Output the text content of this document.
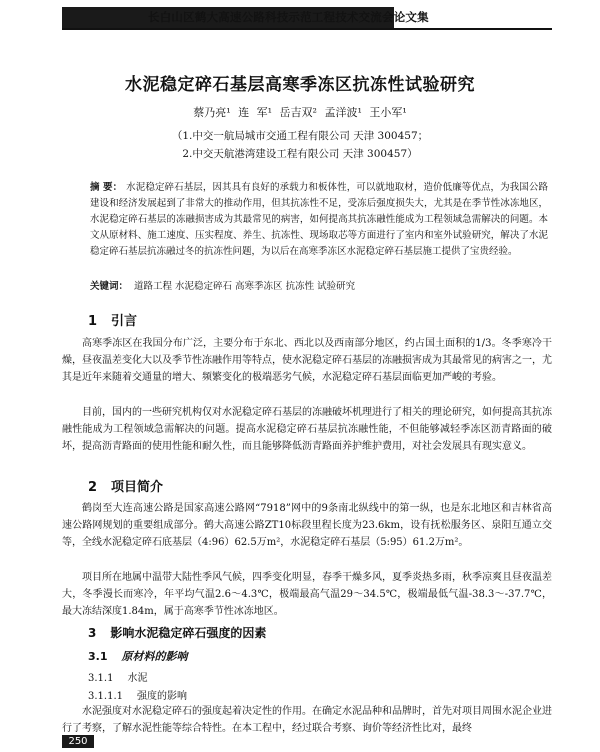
长白山区鹤大高速公路科技示范工程技术交流会论文集
水泥稳定碎石基层高寒季冻区抗冻性试验研究
蔡乃亮¹ 连 军¹ 岳吉双² 孟洋波¹ 王小军¹
（1.中交一航局城市交通工程有限公司 天津 300457；
2.中交天航港湾建设工程有限公司 天津 300457）
摘 要： 水泥稳定碎石基层，因其具有良好的承载力和板体性，可以就地取材，造价低廉等优点，为我国公路建设和经济发展起到了非常大的推动作用，但其抗冻性不足，受冻后强度损失大，尤其是在季节性冰冻地区，水泥稳定碎石基层的冻融损害成为其最常见的病害，如何提高其抗冻融性能成为工程领域急需解决的问题。本文从原材料、施工速度、压实程度、养生、抗冻性、现场取芯等方面进行了室内和室外试验研究，解决了水泥稳定碎石基层抗冻融过冬的抗冻性问题，为以后在高寒季冻区水泥稳定碎石基层施工提供了宝贵经验。
关键词： 道路工程 水泥稳定碎石 高寒季冻区 抗冻性 试验研究
1 引言
高寒季冻区在我国分布广泛，主要分布于东北、西北以及西南部分地区，约占国土面积的1/3。冬季寒冷干燥，昼夜温差变化大以及季节性冻融作用等特点，使水泥稳定碎石基层的冻融损害成为其最常见的病害之一，尤其是近年来随着交通量的增大、频繁变化的极端恶劣气候，水泥稳定碎石基层面临更加严峻的考验。
目前，国内的一些研究机构仅对水泥稳定碎石基层的冻融破坏机理进行了相关的理论研究，如何提高其抗冻融性能成为工程领域急需解决的问题。提高水泥稳定碎石基层抗冻融性能，不但能够减轻季冻区沥青路面的破坏，提高沥青路面的使用性能和耐久性，而且能够降低沥青路面养护维护费用，对社会发展具有现实意义。
2 项目简介
鹤岗至大连高速公路是国家高速公路网“7918”网中的9条南北纵线中的第一纵，也是东北地区和吉林省高速公路网规划的重要组成部分。鹤大高速公路ZT10标段里程长度为23.6km，设有抚松服务区、泉阳互通立交等，全线水泥稳定碎石底基层（4:96）62.5万m²，水泥稳定碎石基层（5:95）61.2万m²。
项目所在地属中温带大陆性季风气候，四季变化明显，春季干燥多风，夏季炎热多雨，秋季凉爽且昼夜温差大，冬季漫长而寒冷，年平均气温2.6～4.3℃，极端最高气温29～34.5℃，极端最低气温-38.3～-37.7℃，最大冻结深度1.84m，属于高寒季节性冰冻地区。
3 影响水泥稳定碎石强度的因素
3.1 原材料的影响
3.1.1 水泥
3.1.1.1 强度的影响
水泥强度对水泥稳定碎石的强度起着决定性的作用。在确定水泥品种和品牌时，首先对项目周围水泥企业进行了考察，了解水泥性能等综合特性。在本工程中，经过联合考察、询价等经济性比对，最终
250
